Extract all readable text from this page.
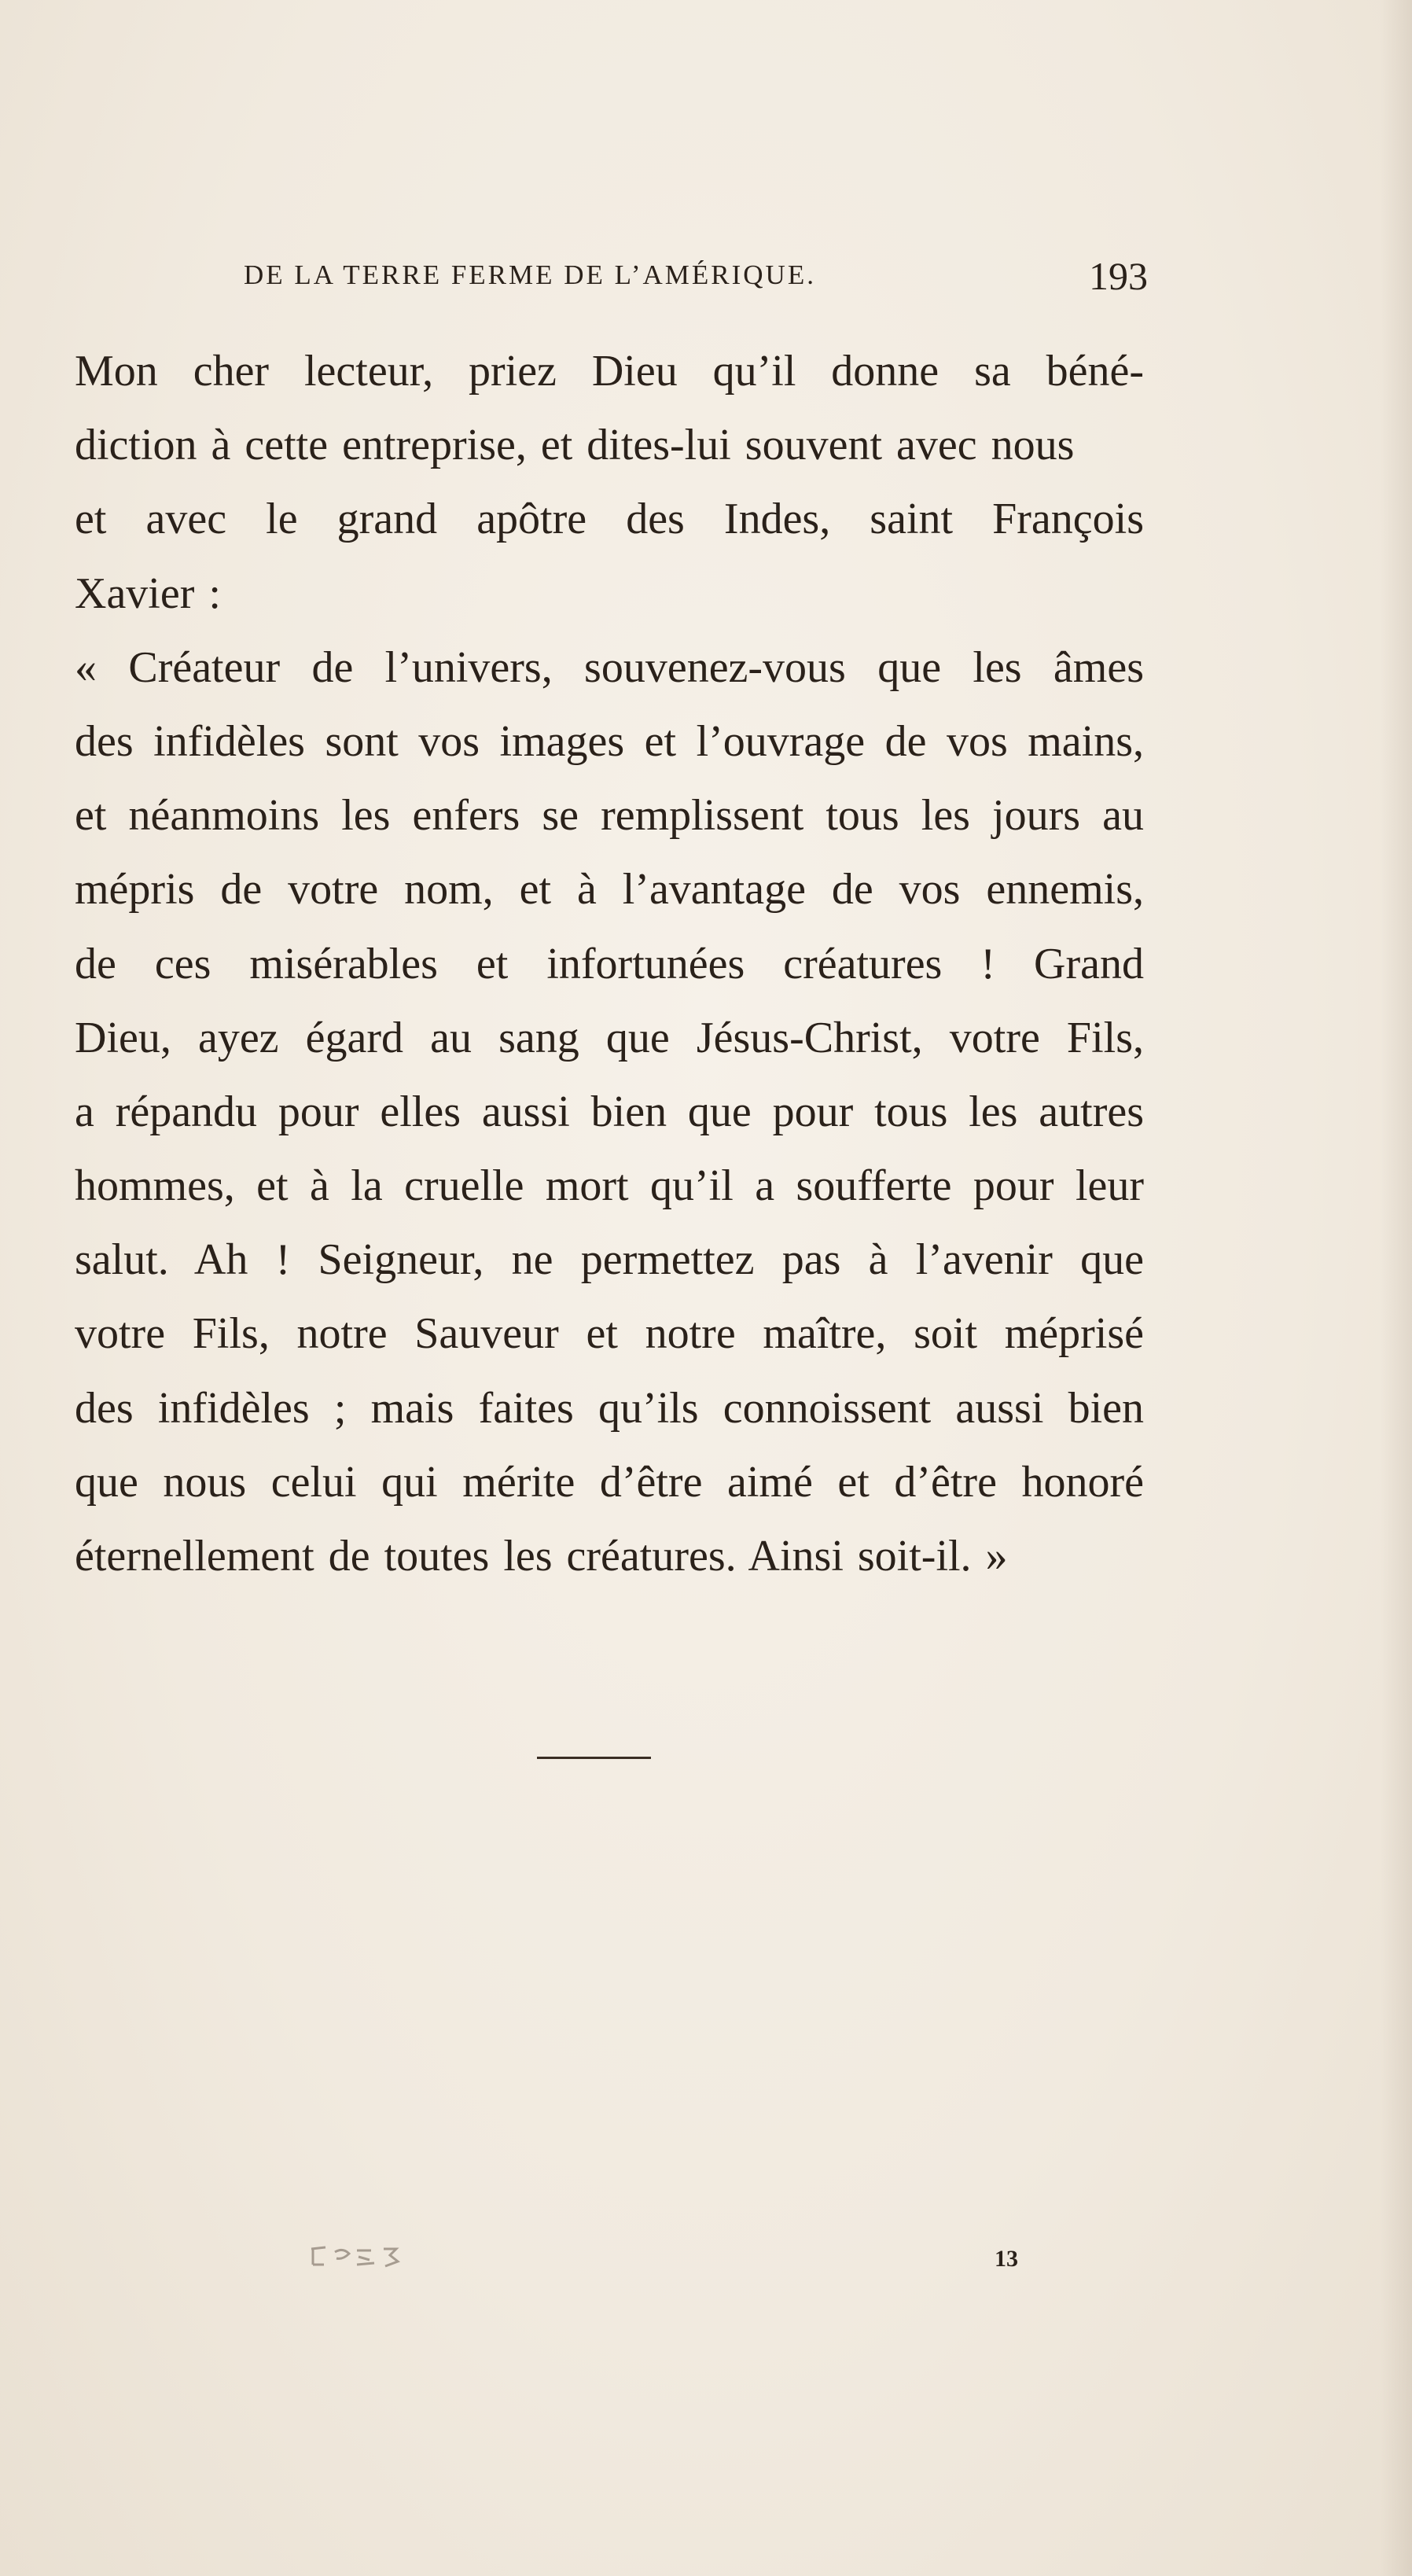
DE LA TERRE FERME DE L’AMÉRIQUE.	193
Mon cher lecteur, priez Dieu qu’il donne sa béné-
diction à cette entreprise, et dites-lui souvent avec nous
et avec le grand apôtre des Indes, saint François
Xavier :
« Créateur de l’univers, souvenez-vous que les âmes
des infidèles sont vos images et l’ouvrage de vos mains,
et néanmoins les enfers se remplissent tous les jours au
mépris de votre nom, et à l’avantage de vos ennemis,
de ces misérables et infortunées créatures ! Grand
Dieu, ayez égard au sang que Jésus-Christ, votre Fils,
a répandu pour elles aussi bien que pour tous les autres
hommes, et à la cruelle mort qu’il a soufferte pour leur
salut. Ah ! Seigneur, ne permettez pas à l’avenir que
votre Fils, notre Sauveur et notre maître, soit méprisé
des infidèles ; mais faites qu’ils connoissent aussi bien
que nous celui qui mérite d’être aimé et d’être honoré
éternellement de toutes les créatures. Ainsi soit-il. »
13
